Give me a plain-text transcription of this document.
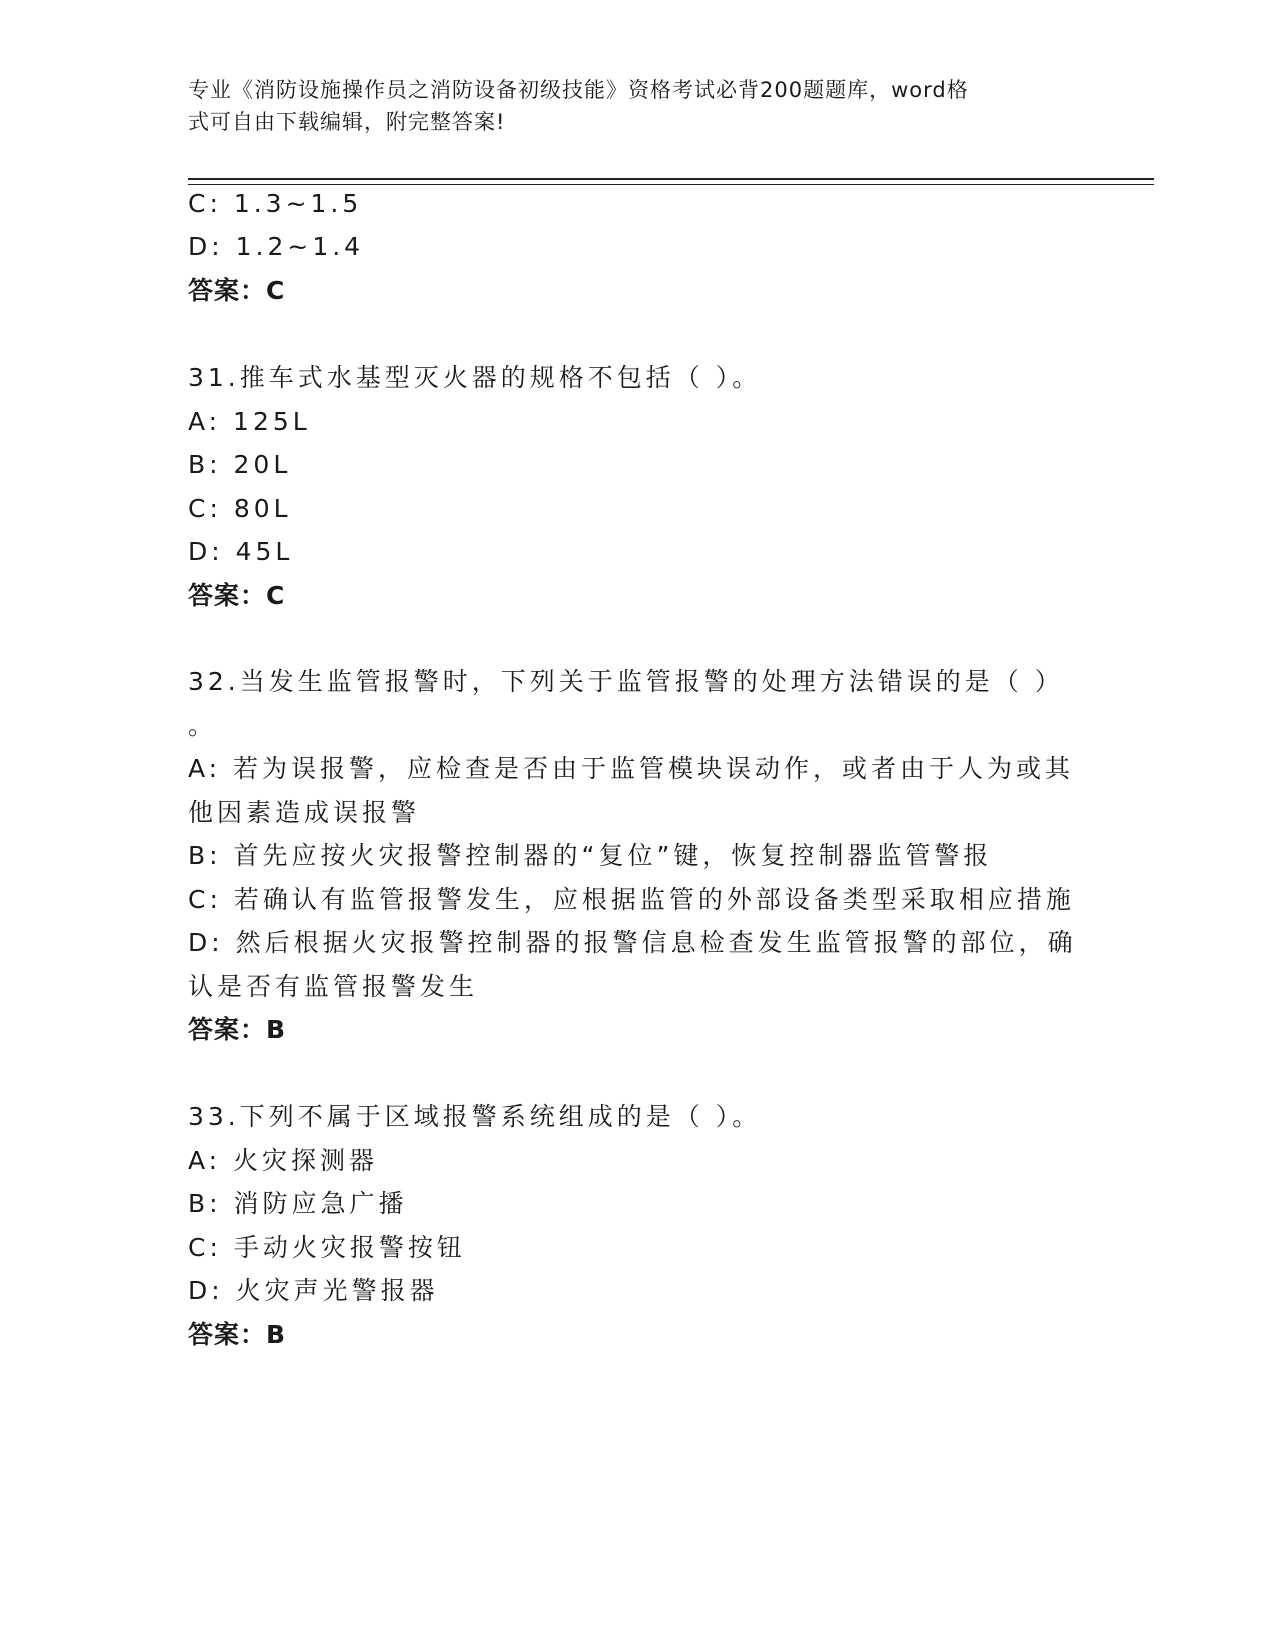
专业《消防设施操作员之消防设备初级技能》资格考试必背200题题库，word格
式可自由下载编辑，附完整答案!
C: 1.3~1.5
D: 1.2~1.4
答案：C
31.推车式水基型灭火器的规格不包括（ ）。
A: 125L
B: 20L
C: 80L
D: 45L
答案：C
32.当发生监管报警时，下列关于监管报警的处理方法错误的是（ ）
。
A: 若为误报警，应检查是否由于监管模块误动作，或者由于人为或其
他因素造成误报警
B: 首先应按火灾报警控制器的“复位”键，恢复控制器监管警报
C: 若确认有监管报警发生，应根据监管的外部设备类型采取相应措施
D: 然后根据火灾报警控制器的报警信息检查发生监管报警的部位，确
认是否有监管报警发生
答案：B
33.下列不属于区域报警系统组成的是（ ）。
A: 火灾探测器
B: 消防应急广播
C: 手动火灾报警按钮
D: 火灾声光警报器
答案：B
